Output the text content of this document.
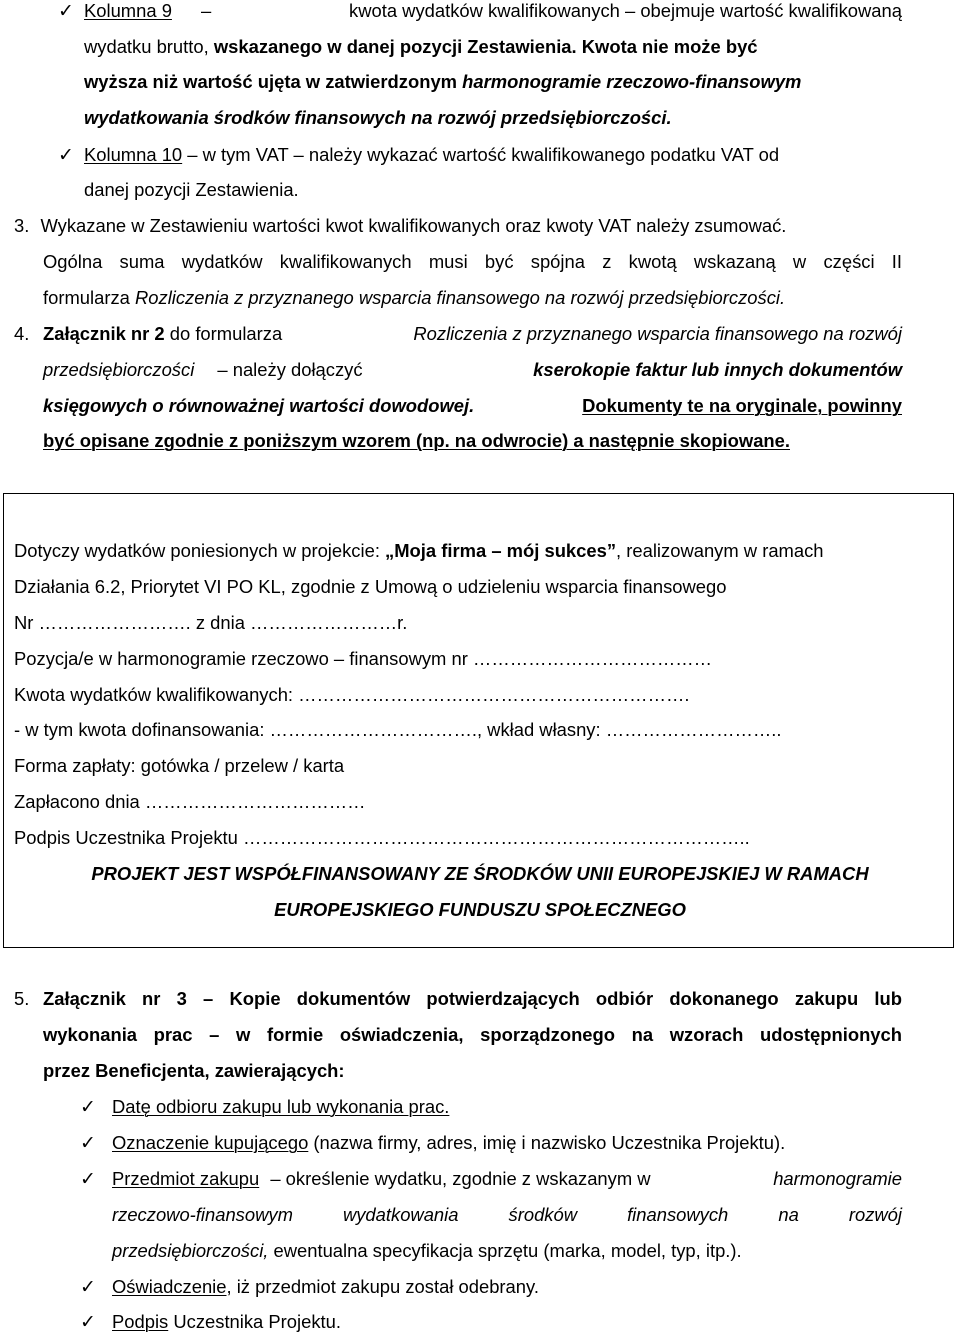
✓ Kolumna 9 –	kwota wydatków kwalifikowanych – obejmuje wartość kwalifikowaną
wydatku brutto, wskazanego w danej pozycji Zestawienia. Kwota nie może być
wyższa niż wartość ujęta w zatwierdzonym harmonogramie rzeczowo-finansowym
wydatkowania środków finansowych na rozwój przedsiębiorczości.
✓ Kolumna 10 – w tym VAT – należy wykazać wartość kwalifikowanego podatku VAT od
danej pozycji Zestawienia.
3. Wykazane w Zestawieniu wartości kwot kwalifikowanych oraz kwoty VAT należy zsumować.
Ogólna suma wydatków kwalifikowanych musi być spójna z kwotą wskazaną w części II
formularza Rozliczenia z przyznanego wsparcia finansowego na rozwój przedsiębiorczości.
4. Załącznik nr 2 do formularza	Rozliczenia z przyznanego wsparcia finansowego na rozwój
przedsiębiorczości – należy dołączyć	kserokopie faktur lub innych dokumentów
księgowych o równoważnej wartości dowodowej.	Dokumenty te na oryginale, powinny
być opisane zgodnie z poniższym wzorem (np. na odwrocie) a następnie skopiowane.
Dotyczy wydatków poniesionych w projekcie: „Moja firma – mój sukces”, realizowanym w ramach
Działania 6.2, Priorytet VI PO KL, zgodnie z Umową o udzieleniu wsparcia finansowego
Nr ……………………. z dnia ……………………r.
Pozycja/e w harmonogramie rzeczowo – finansowym nr …………………………………
Kwota wydatków kwalifikowanych: ……………………………………………………….
- w tym kwota dofinansowania: ……………………………., wkład własny: ………………………..
Forma zapłaty: gotówka / przelew / karta
Zapłacono dnia ………………………………
Podpis Uczestnika Projektu ………………………………………………………………………..
PROJEKT JEST WSPÓŁFINANSOWANY ZE ŚRODKÓW UNII EUROPEJSKIEJ W RAMACH
EUROPEJSKIEGO FUNDUSZU SPOŁECZNEGO
5. Załącznik nr 3 – Kopie dokumentów potwierdzających odbiór dokonanego zakupu lub
wykonania prac – w formie oświadczenia, sporządzonego na wzorach udostępnionych
przez Beneficjenta, zawierających:
✓ Datę odbioru zakupu lub wykonania prac.
✓ Oznaczenie kupującego (nazwa firmy, adres, imię i nazwisko Uczestnika Projektu).
✓ Przedmiot zakupu – określenie wydatku, zgodnie z wskazanym w	harmonogramie
rzeczowo-finansowym wydatkowania środków finansowych na rozwój
przedsiębiorczości, ewentualna specyfikacja sprzętu (marka, model, typ, itp.).
✓ Oświadczenie, iż przedmiot zakupu został odebrany.
✓ Podpis Uczestnika Projektu.
